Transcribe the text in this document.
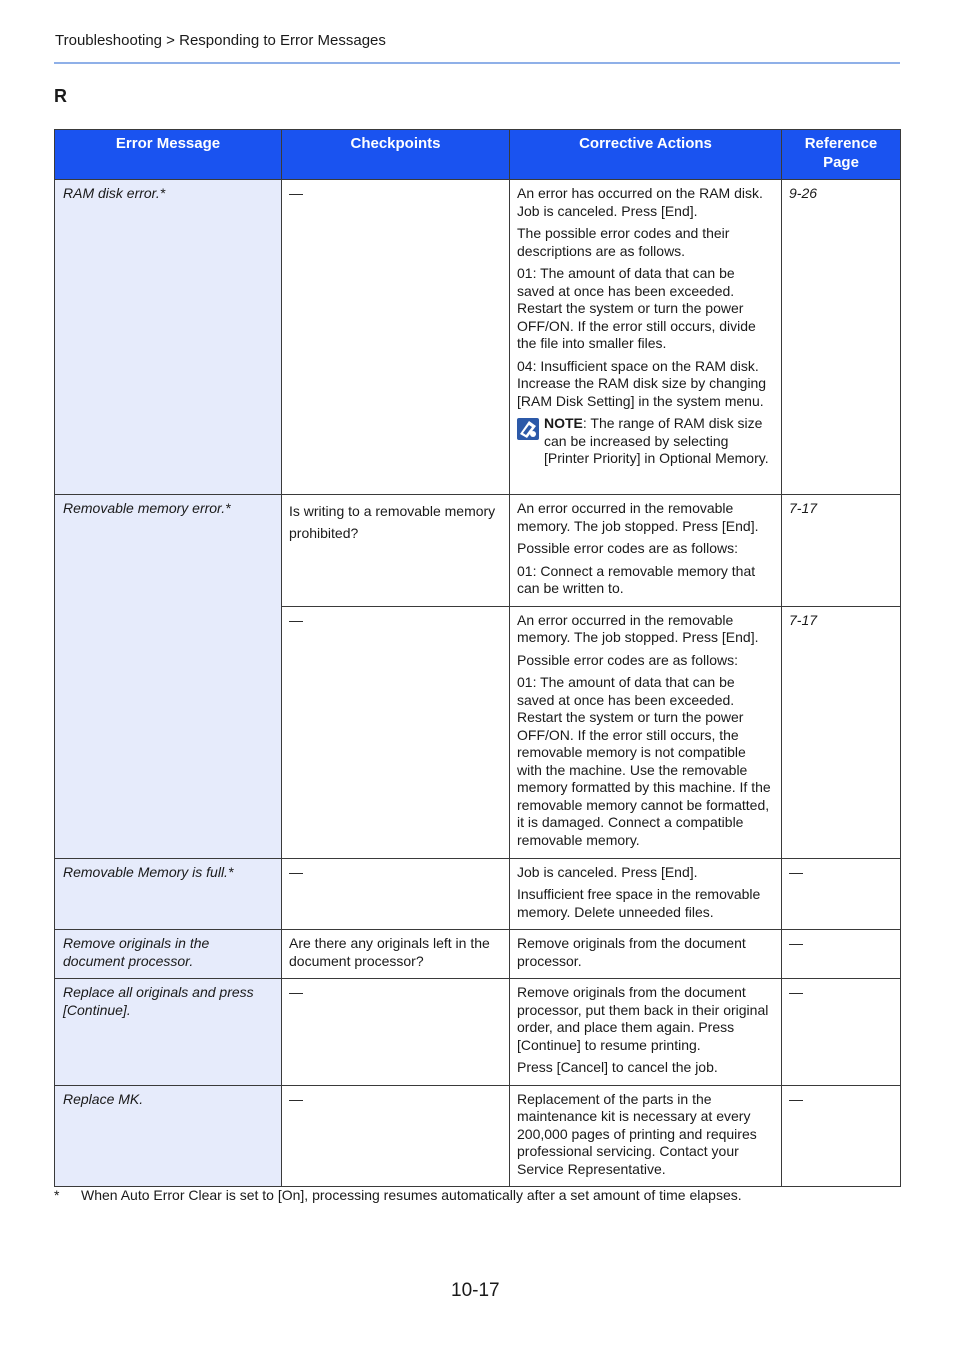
Troubleshooting > Responding to Error Messages
R
Error Message	Checkpoints	Corrective Actions	Reference Page
RAM disk error.*	—	An error has occurred on the RAM disk. Job is canceled. Press [End].

The possible error codes and their descriptions are as follows.

01: The amount of data that can be saved at once has been exceeded. Restart the system or turn the power OFF/ON. If the error still occurs, divide the file into smaller files.

04: Insufficient space on the RAM disk. Increase the RAM disk size by changing [RAM Disk Setting] in the system menu.

NOTE: The range of RAM disk size can be increased by selecting [Printer Priority] in Optional Memory.	9-26
Removable memory error.*	Is writing to a removable memory prohibited?	An error occurred in the removable memory. The job stopped. Press [End].

Possible error codes are as follows:

01: Connect a removable memory that can be written to.	7-17
	—	An error occurred in the removable memory. The job stopped. Press [End].

Possible error codes are as follows:

01: The amount of data that can be saved at once has been exceeded. Restart the system or turn the power OFF/ON. If the error still occurs, the removable memory is not compatible with the machine. Use the removable memory formatted by this machine. If the removable memory cannot be formatted, it is damaged. Connect a compatible removable memory.	7-17
Removable Memory is full.*	—	Job is canceled. Press [End].

Insufficient free space in the removable memory. Delete unneeded files.	—
Remove originals in the document processor.	Are there any originals left in the document processor?	Remove originals from the document processor.	—
Replace all originals and press [Continue].	—	Remove originals from the document processor, put them back in their original order, and place them again. Press [Continue] to resume printing.

Press [Cancel] to cancel the job.	—
Replace MK.	—	Replacement of the parts in the maintenance kit is necessary at every 200,000 pages of printing and requires professional servicing. Contact your Service Representative.	—
* When Auto Error Clear is set to [On], processing resumes automatically after a set amount of time elapses.
10-17
